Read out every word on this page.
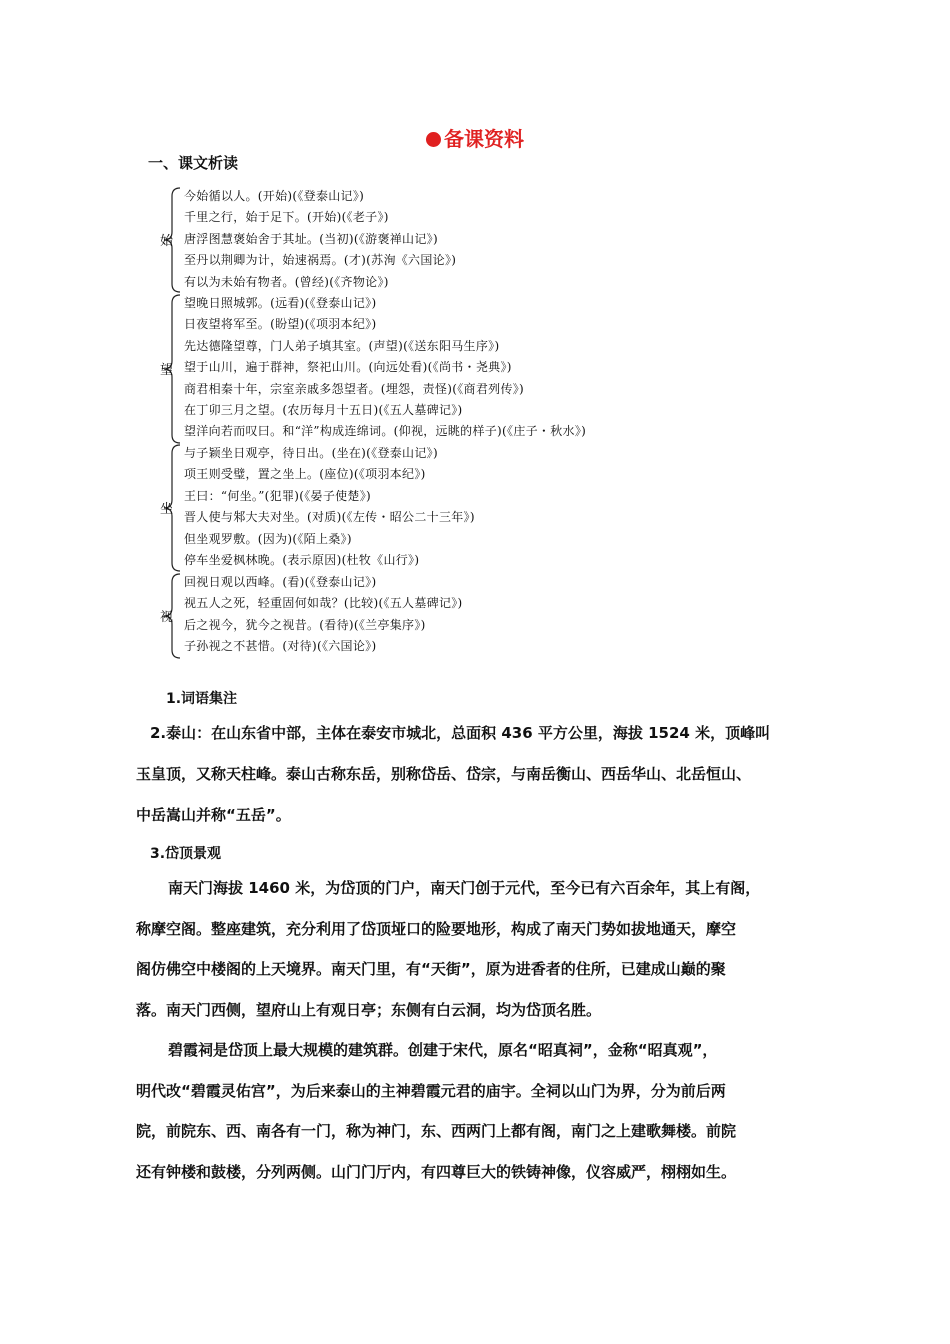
备课资料
一、课文析读
始
今始循以人。(开始)(《登泰山记》)
千里之行，始于足下。(开始)(《老子》)
唐浮图慧褒始舍于其址。(当初)(《游褒禅山记》)
至丹以荆卿为计，始速祸焉。(才)(苏洵《六国论》)
有以为未始有物者。(曾经)(《齐物论》)
望
望晚日照城郭。(远看)(《登泰山记》)
日夜望将军至。(盼望)(《项羽本纪》)
先达德隆望尊，门人弟子填其室。(声望)(《送东阳马生序》)
望于山川，遍于群神，祭祀山川。(向远处看)(《尚书・尧典》)
商君相秦十年，宗室亲戚多怨望者。(埋怨，责怪)(《商君列传》)
在丁卯三月之望。(农历每月十五日)(《五人墓碑记》)
望洋向若而叹曰。和“洋”构成连绵词。(仰视，远眺的样子)(《庄子・秋水》)
坐
与子颖坐日观亭，待日出。(坐在)(《登泰山记》)
项王则受璧，置之坐上。(座位)(《项羽本纪》)
王曰：“何坐。”(犯罪)(《晏子使楚》)
晋人使与邾大夫对坐。(对质)(《左传・昭公二十三年》)
但坐观罗敷。(因为)(《陌上桑》)
停车坐爱枫林晚。(表示原因)(杜牧《山行》)
视
回视日观以西峰。(看)(《登泰山记》)
视五人之死，轻重固何如哉？(比较)(《五人墓碑记》)
后之视今，犹今之视昔。(看待)(《兰亭集序》)
子孙视之不甚惜。(对待)(《六国论》)
1.词语集注
2.泰山：在山东省中部，主体在泰安市城北，总面积 436 平方公里，海拔 1524 米，顶峰叫
玉皇顶，又称天柱峰。泰山古称东岳，别称岱岳、岱宗，与南岳衡山、西岳华山、北岳恒山、
中岳嵩山并称“五岳”。
3.岱顶景观
南天门海拔 1460 米，为岱顶的门户，南天门创于元代，至今已有六百余年，其上有阁，
称摩空阁。整座建筑，充分利用了岱顶垭口的险要地形，构成了南天门势如拔地通天，摩空
阁仿佛空中楼阁的上天境界。南天门里，有“天街”，原为进香者的住所，已建成山巅的聚
落。南天门西侧，望府山上有观日亭；东侧有白云洞，均为岱顶名胜。
碧霞祠是岱顶上最大规模的建筑群。创建于宋代，原名“昭真祠”，金称“昭真观”，
明代改“碧霞灵佑宫”，为后来泰山的主神碧霞元君的庙宇。全祠以山门为界，分为前后两
院，前院东、西、南各有一门，称为神门，东、西两门上都有阁，南门之上建歌舞楼。前院
还有钟楼和鼓楼，分列两侧。山门门厅内，有四尊巨大的铁铸神像，仪容威严，栩栩如生。
